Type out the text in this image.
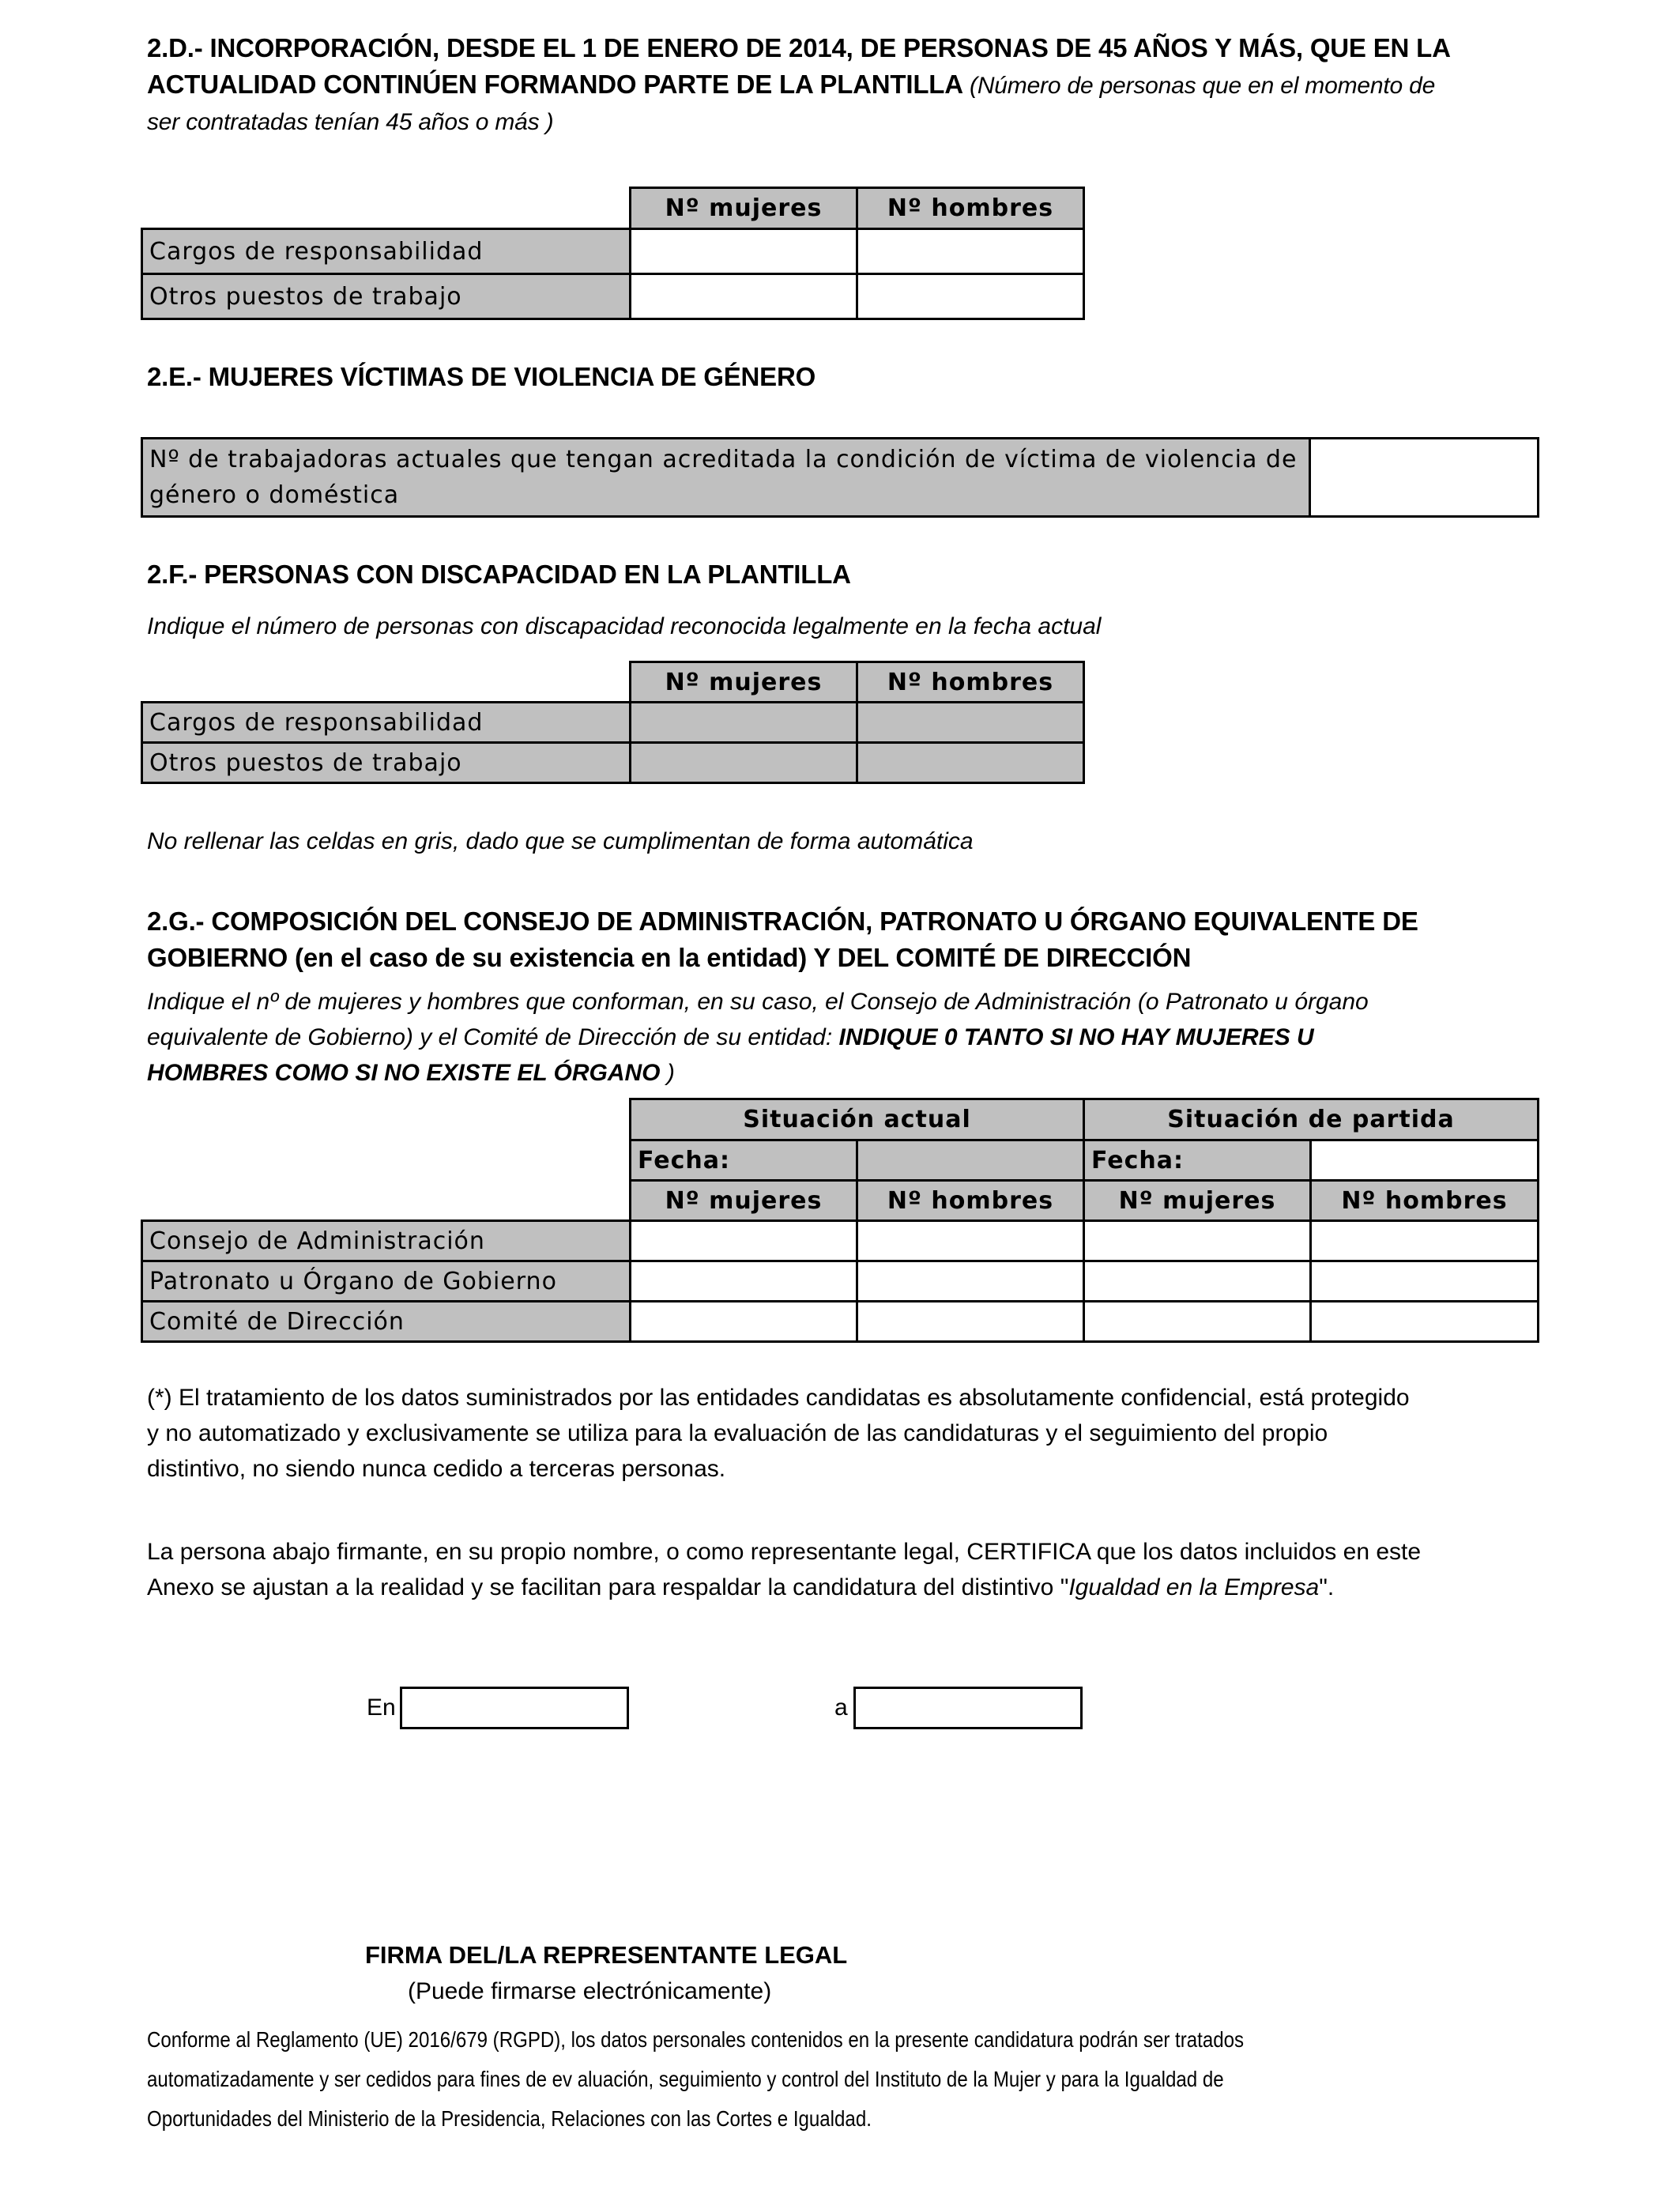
2.D.- INCORPORACIÓN, DESDE EL 1 DE ENERO DE 2014, DE PERSONAS DE 45 AÑOS Y MÁS, QUE EN LA
ACTUALIDAD CONTINÚEN FORMANDO PARTE DE LA PLANTILLA (Número de personas que en el momento de
ser contratadas tenían 45 años o más )
	Nº mujeres	Nº hombres
Cargos de responsabilidad		
Otros puestos de trabajo		
2.E.- MUJERES VÍCTIMAS DE VIOLENCIA DE GÉNERO
Nº de trabajadoras actuales que tengan acreditada la condición de víctima de violencia de
género o doméstica

2.F.- PERSONAS CON DISCAPACIDAD EN LA PLANTILLA
Indique el número de personas con discapacidad reconocida legalmente en la fecha actual
	Nº mujeres	Nº hombres
Cargos de responsabilidad		
Otros puestos de trabajo		
No rellenar las celdas en gris, dado que se cumplimentan de forma automática
2.G.- COMPOSICIÓN DEL CONSEJO DE ADMINISTRACIÓN, PATRONATO U ÓRGANO EQUIVALENTE DE
GOBIERNO (en el caso de su existencia en la entidad) Y DEL COMITÉ DE DIRECCIÓN
Indique el nº de mujeres y hombres que conforman, en su caso, el Consejo de Administración (o Patronato u órgano
equivalente de Gobierno) y el Comité de Dirección de su entidad: INDIQUE 0 TANTO SI NO HAY MUJERES U
HOMBRES COMO SI NO EXISTE EL ÓRGANO )
	Situación actual		Situación de partida	
	Fecha:		Fecha:	
	Nº mujeres	Nº hombres	Nº mujeres	Nº hombres
Consejo de Administración				
Patronato u Órgano de Gobierno				
Comité de Dirección				
(*) El tratamiento de los datos suministrados por las entidades candidatas es absolutamente confidencial, está protegido
y no automatizado y exclusivamente se utiliza para la evaluación de las candidaturas y el seguimiento del propio
distintivo, no siendo nunca cedido a terceras personas.
La persona abajo firmante, en su propio nombre, o como representante legal, CERTIFICA que los datos incluidos en este
Anexo se ajustan a la realidad y se facilitan para respaldar la candidatura del distintivo "Igualdad en la Empresa".
En	a
FIRMA DEL/LA REPRESENTANTE LEGAL
(Puede firmarse electrónicamente)
Conforme al Reglamento (UE) 2016/679 (RGPD), los datos personales contenidos en la presente candidatura podrán ser tratados
automatizadamente y ser cedidos para fines de ev aluación, seguimiento y control del Instituto de la Mujer y para la Igualdad de
Oportunidades del Ministerio de la Presidencia, Relaciones con las Cortes e Igualdad.
